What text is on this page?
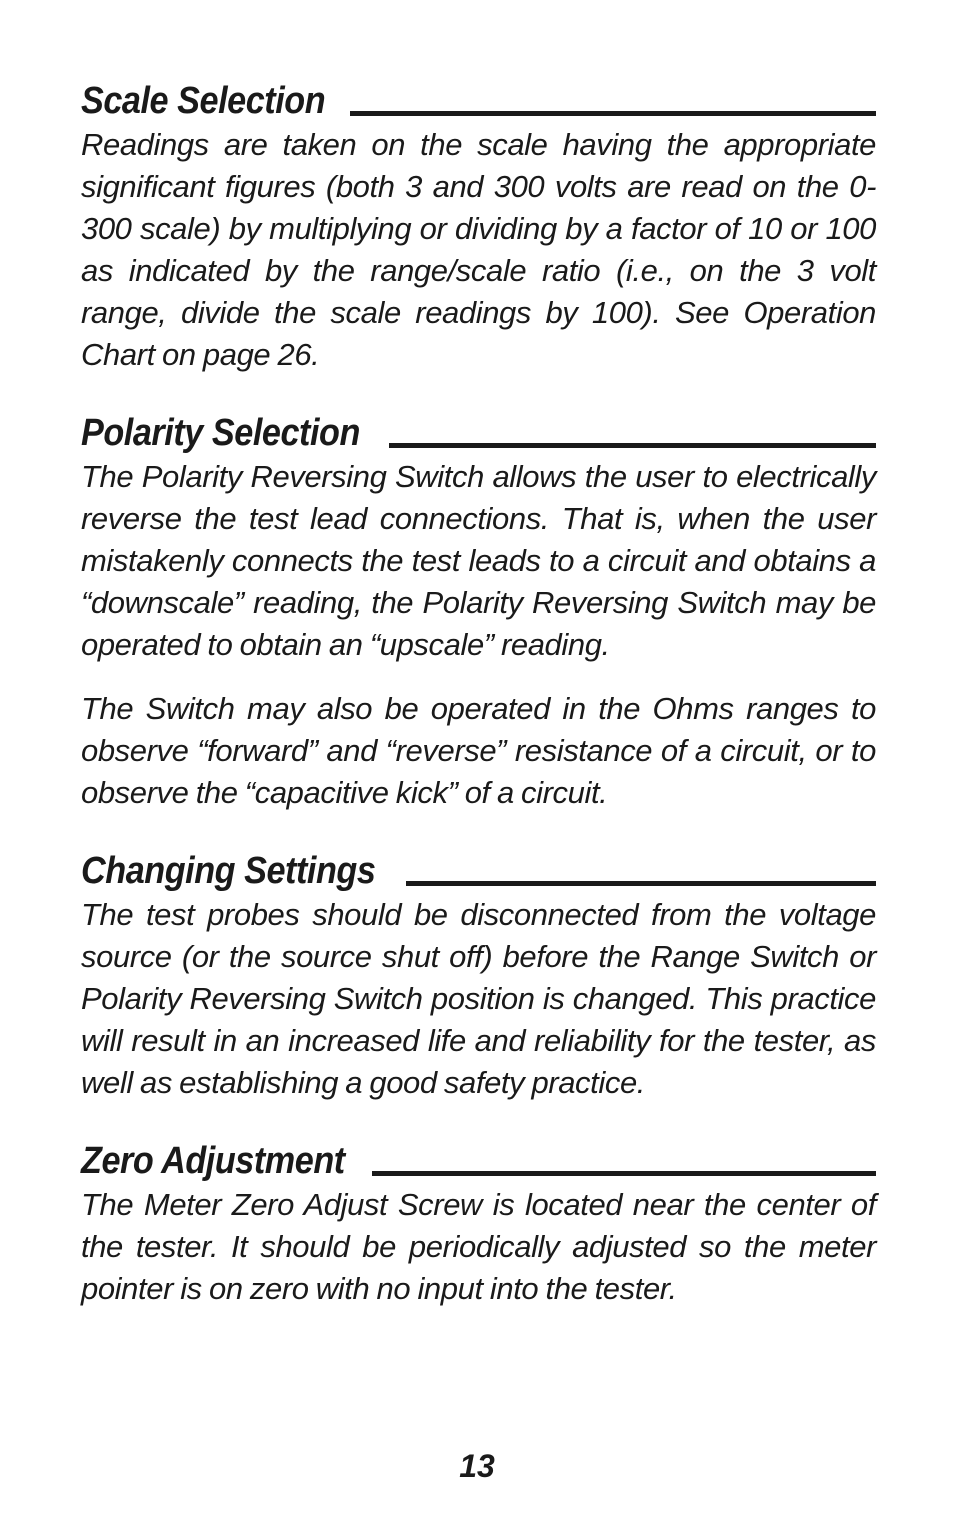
Scale Selection

Readings are taken on the scale having the appropriate significant figures (both 3 and 300 volts are read on the 0-300 scale) by multiplying or dividing by a factor of 10 or 100 as indicated by the range/scale ratio (i.e., on the 3 volt range, divide the scale readings by 100). See Operation Chart on page 26.

Polarity Selection

The Polarity Reversing Switch allows the user to electrically reverse the test lead connections. That is, when the user mistakenly connects the test leads to a circuit and obtains a “downscale” reading, the Polarity Reversing Switch may be operated to obtain an “upscale” reading.

The Switch may also be operated in the Ohms ranges to observe “forward” and “reverse” resistance of a circuit, or to observe the “capacitive kick” of a circuit.

Changing Settings

The test probes should be disconnected from the voltage source (or the source shut off) before the Range Switch or Polarity Reversing Switch position is changed. This practice will result in an increased life and reliability for the tester, as well as establishing a good safety practice.

Zero Adjustment

The Meter Zero Adjust Screw is located near the center of the tester. It should be periodically adjusted so the meter pointer is on zero with no input into the tester.

13
